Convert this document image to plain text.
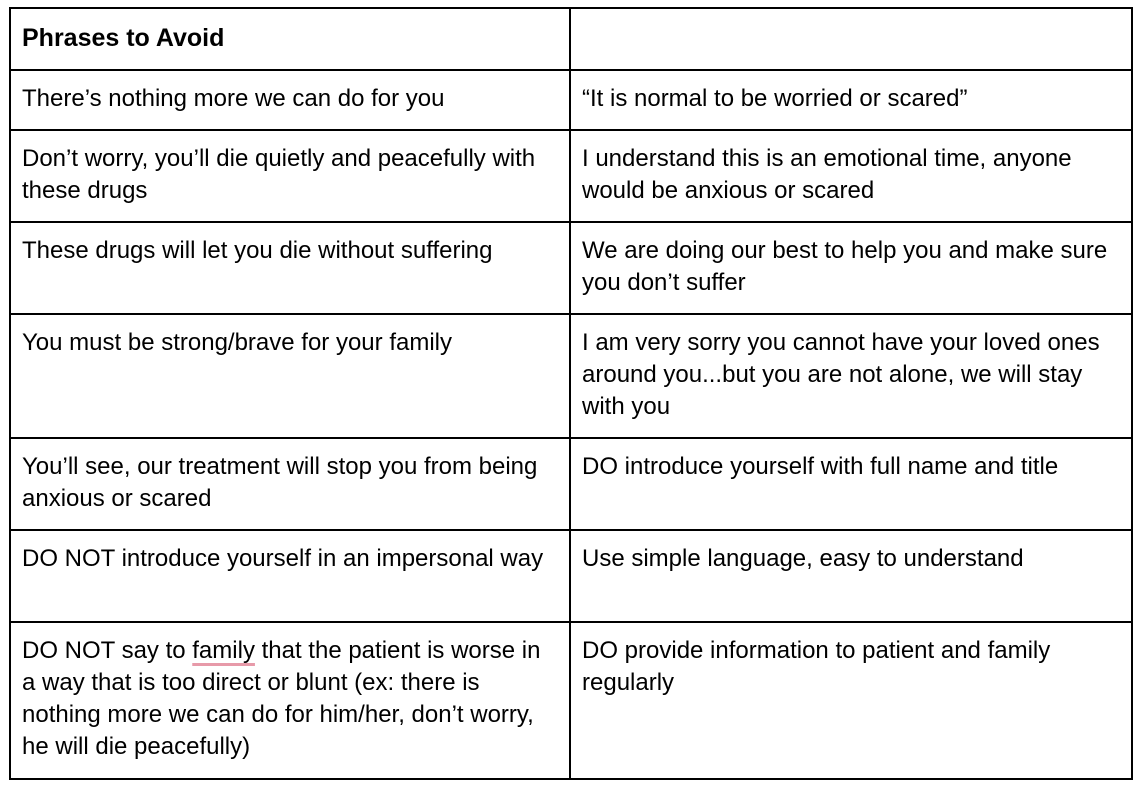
Phrases to Avoid	
There’s nothing more we can do for you	“It is normal to be worried or scared”
Don’t worry, you’ll die quietly and peacefully with these drugs	I understand this is an emotional time, anyone would be anxious or scared
These drugs will let you die without suffering	We are doing our best to help you and make sure you don’t suffer
You must be strong/brave for your family	I am very sorry you cannot have your loved ones around you...but you are not alone, we will stay with you
You’ll see, our treatment will stop you from being anxious or scared	DO introduce yourself with full name and title
DO NOT introduce yourself in an impersonal way	Use simple language, easy to understand
DO NOT say to family that the patient is worse in a way that is too direct or blunt (ex: there is nothing more we can do for him/her, don’t worry, he will die peacefully)	DO provide information to patient and family regularly
